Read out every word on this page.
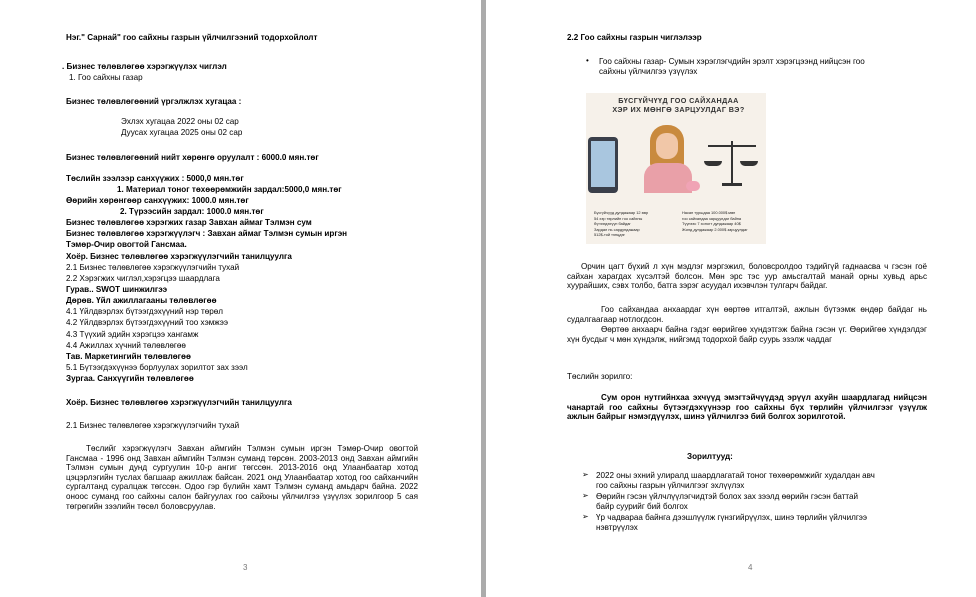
Нэг." Сарнай" гоо сайхны газрын үйлчилгээний тодорхойлолт
. Бизнес төлөвлөгөө хэрэгжүүлэх чиглэл
1. Гоо сайхны газар
Бизнес төлөвлөгөөний үргэлжлэх хугацаа :
Эхлэх хугацаа 2022 оны 02 сар
Дуусах хугацаа 2025 оны 02 сар
Бизнес төлөвлөгөөний нийт хөрөнгө оруулалт : 6000.0 мян.төг
Төслийн зээлээр санхүүжих : 5000,0 мян.төг
1. Материал тоног төхөөрөмжийн зардал:5000,0 мян.төг
Өөрийн хөрөнгөөр санхүүжих: 1000.0 мян.төг
2. Түрээсийн зардал: 1000.0 мян.төг
Бизнес төлөвлөгөө хэрэгжих газар Завхан аймаг Тэлмэн сум
Бизнес төлөвлөгөө хэрэгжүүлэгч : Завхан аймаг Тэлмэн сумын иргэн
Тэмөр-Очир овогтой Гансмаа.
Хоёр. Бизнес төлөвлөгөө хэрэгжүүлэгчийн танилцуулга
2.1 Бизнес төлөвлөгөө хэрэгжүүлэгчийн тухай
2.2 Хэрэгжих чиглэл,хэрэгцээ шаардлага
Гурав.. SWOT шинжилгээ
Дөрөв. Үйл ажиллагааны төлөвлөгөө
4.1 Үйлдвэрлэх бүтээгдэхүүний нэр төрөл
4.2 Үйлдвэрлэх бүтээгдэхүүний тоо хэмжээ
4.3 Түүхий эдийн хэрэгцээ хангамж
4.4 Ажиллах хүчний төлөвлөгөө
Тав. Маркетингийн төлөвлөгөө
5.1 Бүтээгдэхүүнээ борлуулах зорилтот зах зээл
Зургаа. Санхүүгийн төлөвлөгөө
Хоёр. Бизнес төлөвлөгөө хэрэгжүүлэгчийн танилцуулга
2.1 Бизнес төлөвлөгөө хэрэгжүүлэгчийн тухай
Төслийг хэрэгжүүлэгч Завхан аймгийн Тэлмэн сумын иргэн Тэмөр-Очир овогтой Гансмаа - 1996 онд Завхан аймгийн Тэлмэн суманд төрсөн. 2003-2013 онд Завхан аймгийн Тэлмэн сумын дунд сургуулин 10-р ангиг төгссөн. 2013-2016 онд Улаанбаатар хотод цэцэрлэгийн туслах багшаар ажиллаж байсан. 2021 онд Улаанбаатар хотод гоо сайханчийн сургалтанд суралцаж төгссөн. Одоо гэр бүлийн хамт Тэлмэн суманд амьдарч байна. 2022 оноос суманд гоо сайхны салон байгуулах гоо сайхны үйлчилгээ үзүүлэх зорилгоор 5 сая төгрөгийн зээлийн төсөл боловсруулав.
3
2.2 Гоо сайхны газрын чиглэлээр
• Гоо сайхны газар- Сумын хэрэглэгчдийн эрэлт хэрэгцээнд нийцсэн гоо
сайхны үйлчилгээ үзүүлэх
БҮСГҮЙЧҮҮД ГОО САЙХАНДАА
ХЭР ИХ МӨНГӨ ЗАРЦУУЛДАГ ВЭ?
Бүсгүйчүүд дундажаар 12 өөр
54 хэр төрлийн гоо сайхны
бүтээгдэхүүн байдаг
Зардал нь сардундажаар
512$-той тэнцдэг
Насан туршдаа 100.000$ мөн
гоо сайхандаа зарцуулдаг байна
Түүнээс 7 хоногт дундажаар 40$
Жилд дундажаар 2.000$ зарцуулдаг
Орчин цагт бүхий л хүн мэдлэг мэргэжил, боловсролдоо тэдийгүй гаднаасва ч гэсэн гоё сайхан харагдах хүсэлтэй болсон. Мөн эрс тэс уур амьсгалтай манай орны хувьд арьс хуурайших, сэвх толбо, батга зэрэг асуудал ихэвчлэн тулгарч байдаг.
Гоо сайхандаа анхаардаг хүн өөртөө итгалтэй, ажлын бүтээмж өндөр байдаг нь судалгаагаар нотлогдсон.
Өөртөө анхаарч байна гэдэг өөрийгөө хүндэтгэж байна гэсэн үг. Өөрийгөө хүндэлдэг хүн бусдыг ч мөн хүндэлж, нийгэмд тодорхой байр суурь эзэлж чаддаг
Төслийн зорилго:
Сум орон нутгийнхаа эхчүүд эмэгтэйчүүдэд эрүүл ахуйн шаардлагад нийцсэн чанартай гоо сайхны бүтээгдэхүүнээр гоо сайхны бүх төрлийн үйлчилгээг үзүүлж ажлын байрыг нэмэгдүүлэх, шинэ үйлчилгээ бий болгох зорилготой.
Зорилтууд:
➢ 2022 оны эхний улиралд шаардлагатай тоног төхөөрөмжийг худалдан авч
гоо сайхны газрын үйлчилгээг эхлүүлэх
➢ Өөрийн гэсэн үйлчлүүлэгчидтэй болох зах зээлд өөрийн гэсэн баттай
байр суурийг бий болгох
➢ Үр чадвараа байнга дээшлүүлж гүнзгийрүүлэх, шинэ төрлийн үйлчилгээ
нэвтрүүлэх
4
